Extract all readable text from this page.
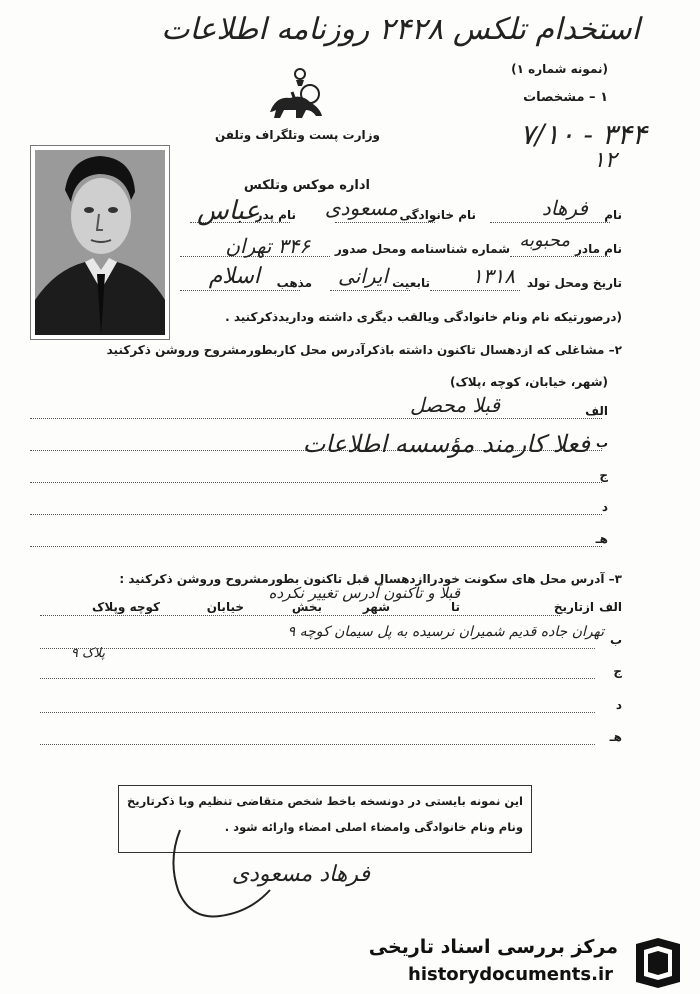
استخدام تلکس ۲۴۲۸ روزنامه اطلاعات
(نمونه شماره ۱)
۱ – مشخصات
وزارت پست وتلگراف وتلفن	۷/۱۰ - ۳۴۴
۱۲
اداره موکس وتلکس
نام
فرهاد
نام خانوادگی
مسعودی
نام پدر
عباس
نام مادر
محبوبه
شماره شناسنامه ومحل صدور
۳۴۶ تهران
تاریخ ومحل تولد
۱۳۱۸
تابعیت
ایرانی
مذهب
اسلام
(درصورتیکه نام ونام خانوادگی ویالقب دیگری داشته وداریدذکرکنید .
۲– مشاغلی که ازدهسال تاکنون داشته باذکرآدرس محل کاربطورمشروح وروشن ذکرکنید
(شهر، خیابان، کوچه ،پلاک)
الف
قبلا محصل
ب
فعلا کارمند مؤسسه اطلاعات
ج
د
هـ
۳– آدرس محل های سکونت خودراازدهسال قبل تاکنون بطورمشروح وروشن ذکرکنید :
قبلا و تاکنون آدرس تغییر نکرده
الف
ازتاریخ
تا
شهر
بخش
خیابان
کوچه وپلاک
ب
تهران جاده قدیم شمیران نرسیده به پل سیمان کوچه ۹
پلاک ۹
ج
د
هـ
این نمونه بایستی در دونسخه باخط شخص متقاضی تنظیم وبا ذکرتاریخ
ونام ونام خانوادگی وامضاء اصلی امضاء وارائه شود .
فرهاد مسعودی
مرکز بررسی اسناد تاریخی
historydocuments.ir
